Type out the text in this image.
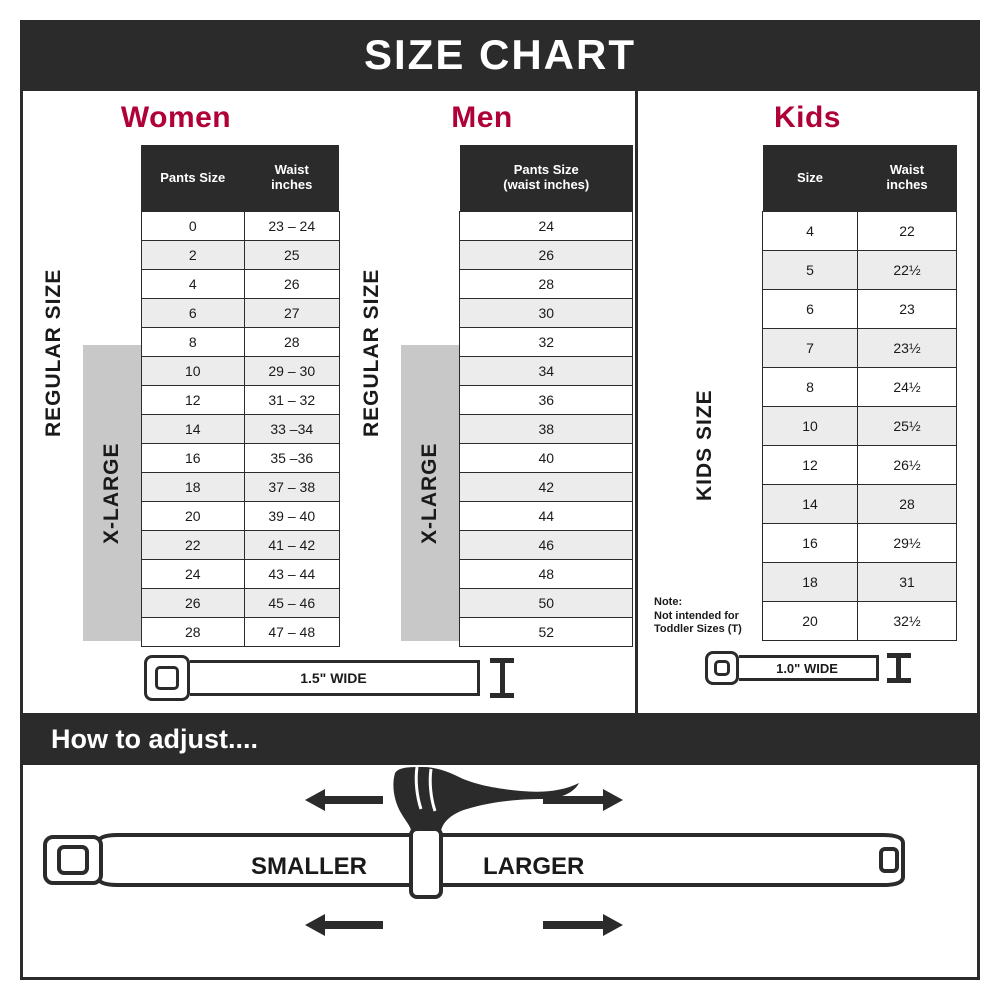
SIZE CHART
Women	Men
REGULAR SIZE
X-LARGE
Pants Size	Waist
inches
0	23 – 24
2	25
4	26
6	27
8	28
10	29 – 30
12	31 – 32
14	33 –34
16	35 –36
18	37 – 38
20	39 – 40
22	41 – 42
24	43 – 44
26	45 – 46
28	47 – 48
REGULAR SIZE
X-LARGE
Pants Size
(waist inches)
24
26
28
30
32
34
36
38
40
42
44
46
48
50
52
1.5" WIDE
Kids
KIDS SIZE
Note:
Not intended for
Toddler Sizes (T)
Size	Waist
inches
4	22
5	22½
6	23
7	23½
8	24½
10	25½
12	26½
14	28
16	29½
18	31
20	32½
1.0" WIDE
How to adjust....
SMALLER	LARGER
